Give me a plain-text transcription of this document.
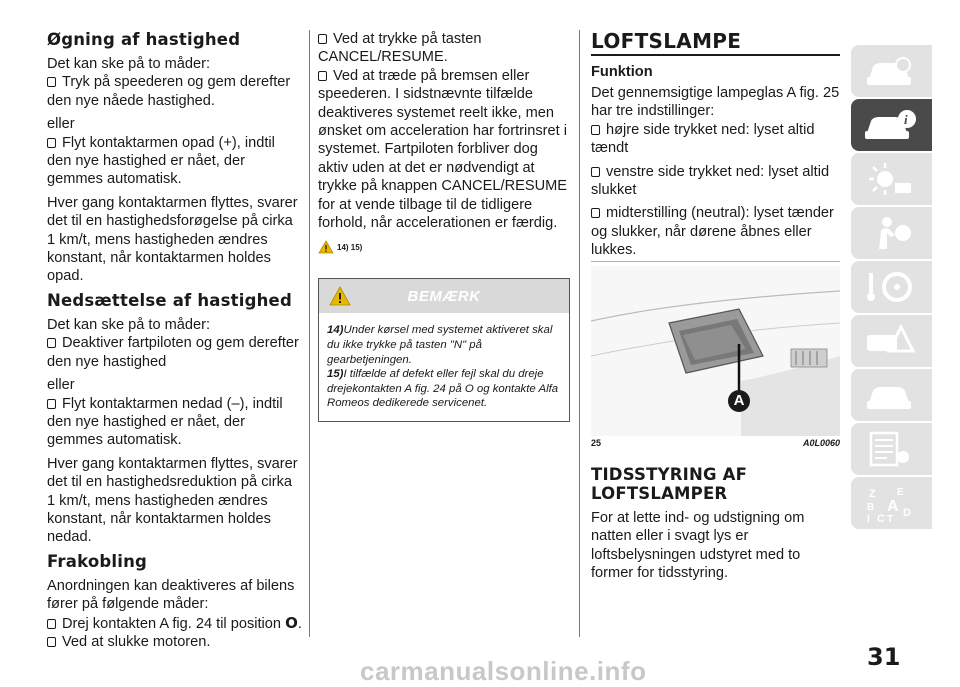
Øgning af hastighed

Det kan ske på to måder:

Tryk på speederen og gem derefter den nye nåede hastighed.

eller

Flyt kontaktarmen opad (+), indtil den nye hastighed er nået, der gemmes automatisk.

Hver gang kontaktarmen flyttes, svarer det til en hastighedsforøgelse på cirka 1 km/t, mens hastigheden ændres konstant, når kontaktarmen holdes opad.

Nedsættelse af hastighed

Det kan ske på to måder:

Deaktiver fartpiloten og gem derefter den nye hastighed

eller

Flyt kontaktarmen nedad (–), indtil den nye hastighed er nået, der gemmes automatisk.

Hver gang kontaktarmen flyttes, svarer det til en hastighedsreduktion på cirka 1 km/t, mens hastigheden ændres konstant, når kontaktarmen holdes nedad.

Frakobling

Anordningen kan deaktiveres af bilens fører på følgende måder:

Drej kontakten A fig. 24 til position O.

Ved at slukke motoren.

Ved at trykke på tasten CANCEL/RESUME.

Ved at træde på bremsen eller speederen. I sidstnævnte tilfælde deaktiveres systemet reelt ikke, men ønsket om acceleration har fortrinsret i systemet. Fartpiloten forbliver dog aktiv uden at det er nødvendigt at trykke på knappen CANCEL/RESUME for at vende tilbage til de tidligere forhold, når accelerationen er færdig.

14) 15)
BEMÆRK
14)Under kørsel med systemet aktiveret skal du ikke trykke på tasten "N" på gearbetjeningen.
15)I tilfælde af defekt eller fejl skal du dreje drejekontakten A fig. 24 på O og kontakte Alfa Romeos dedikerede servicenet.
LOFTSLAMPE
Funktion

Det gennemsigtige lampeglas A fig. 25 har tre indstillinger:

højre side trykket ned: lyset altid tændt

venstre side trykket ned: lyset altid slukket

midterstilling (neutral): lyset tænder og slukker, når dørene åbnes eller lukkes.

A
25	A0L0060
TIDSSTYRING AF LOFTSLAMPER

For at lette ind- og udstigning om natten eller i svagt lys er loftsbelysningen udstyret med to former for tidsstyring.

i
Z E
B A
I C T
D
31
carmanualsonline.info
